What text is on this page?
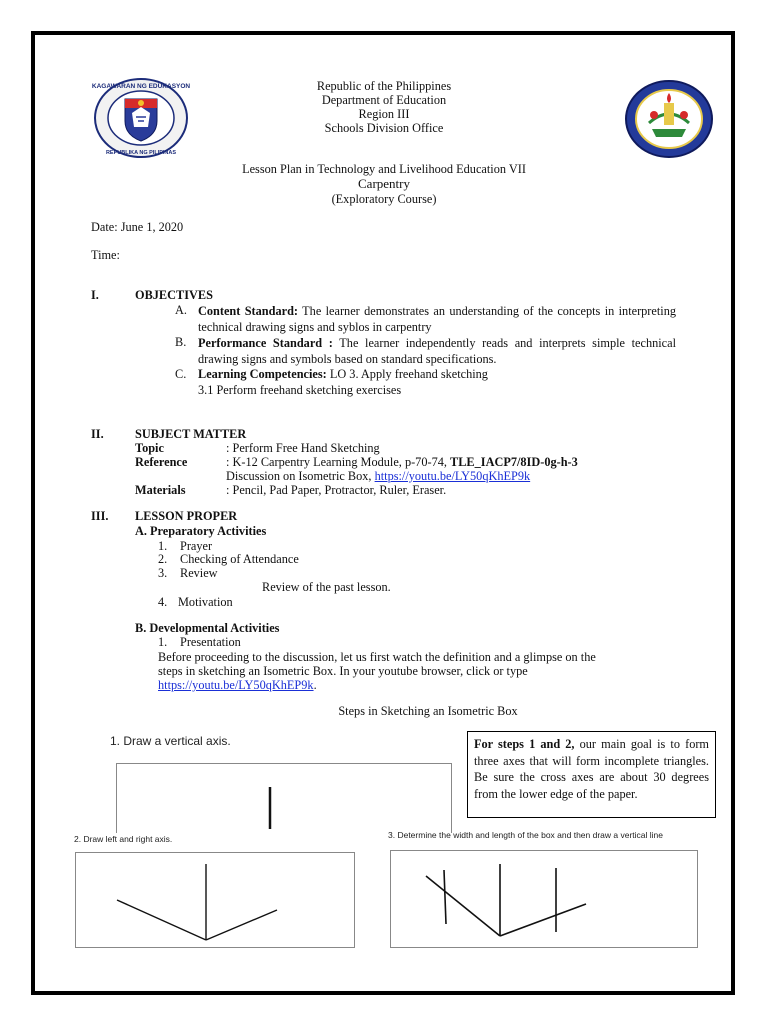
KAGAWARAN NG EDUKASYON
REPUBLIKA NG PILIPINAS
Republic of the Philippines
Department of Education
Region III
Schools Division Office
Lesson Plan in Technology and Livelihood Education VII
Carpentry
(Exploratory Course)
Date: June 1, 2020
Time:
I.	OBJECTIVES
A. Content Standard: The learner demonstrates an understanding of the concepts in interpreting technical drawing signs and syblos in carpentry
B. Performance Standard : The learner independently reads and interprets simple technical drawing signs and symbols based on standard specifications.
C. Learning Competencies: LO 3. Apply freehand sketching
3.1 Perform freehand sketching exercises
II.	SUBJECT MATTER
Topic	: Perform Free Hand Sketching
Reference	: K-12 Carpentry Learning Module, p-70-74, TLE_IACP7/8ID-0g-h-3
Discussion on Isometric Box, https://youtu.be/LY50qKhEP9k
Materials	: Pencil, Pad Paper, Protractor, Ruler, Eraser.
III. LESSON PROPER
A. Preparatory Activities
1. Prayer
2. Checking of Attendance
3. Review
Review of the past lesson.
4. Motivation
B. Developmental Activities
1. Presentation
Before proceeding to the discussion, let us first watch the definition and a glimpse on the
steps in sketching an Isometric Box. In your youtube browser, click or type
https://youtu.be/LY50qKhEP9k.
Steps in Sketching an Isometric Box
1. Draw a vertical axis.	For steps 1 and 2, our main goal is to form three axes that will form incomplete triangles. Be sure the cross axes are about 30 degrees from the lower edge of the paper.
2. Draw left and right axis.	3. Determine the width and length of the box and then draw a vertical line
